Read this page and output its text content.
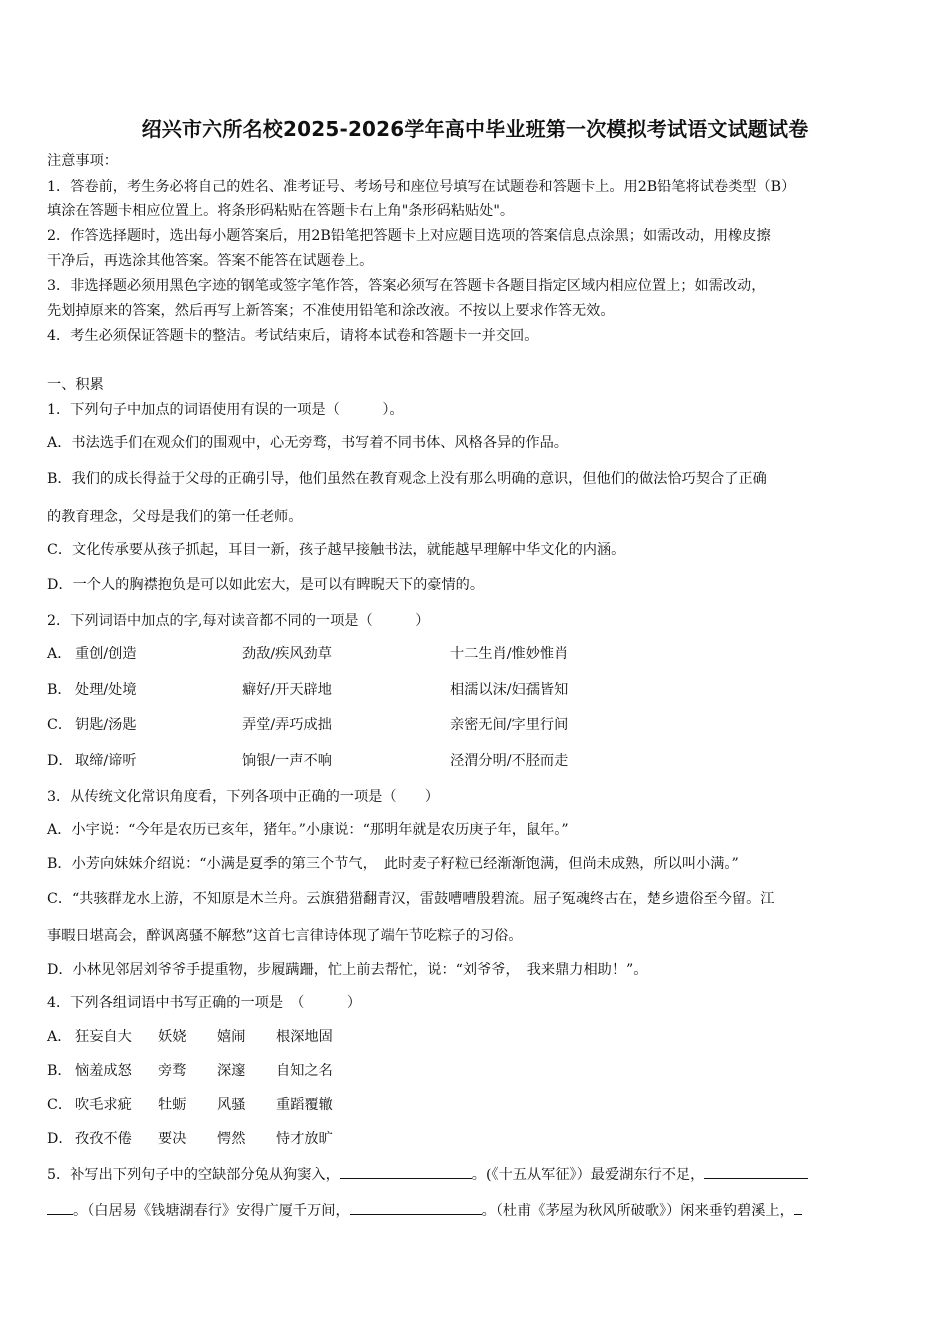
绍兴市六所名校2025-2026学年高中毕业班第一次模拟考试语文试题试卷
注意事项：
1．答卷前，考生务必将自己的姓名、准考证号、考场号和座位号填写在试题卷和答题卡上。用2B铅笔将试卷类型（B）
填涂在答题卡相应位置上。将条形码粘贴在答题卡右上角"条形码粘贴处"。
2．作答选择题时，选出每小题答案后，用2B铅笔把答题卡上对应题目选项的答案信息点涂黑；如需改动，用橡皮擦
干净后，再选涂其他答案。答案不能答在试题卷上。
3．非选择题必须用黑色字迹的钢笔或签字笔作答，答案必须写在答题卡各题目指定区域内相应位置上；如需改动，
先划掉原来的答案，然后再写上新答案；不准使用铅笔和涂改液。不按以上要求作答无效。
4．考生必须保证答题卡的整洁。考试结束后，请将本试卷和答题卡一并交回。
一、积累
1．下列句子中加点的词语使用有误的一项是（　　　）。
A．书法选手们在观众们的围观中，心无旁骛，书写着不同书体、风格各异的作品。
B．我们的成长得益于父母的正确引导，他们虽然在教育观念上没有那么明确的意识，但他们的做法恰巧契合了正确
的教育理念，父母是我们的第一任老师。
C．文化传承要从孩子抓起，耳目一新，孩子越早接触书法，就能越早理解中华文化的内涵。
D．一个人的胸襟抱负是可以如此宏大，是可以有睥睨天下的豪情的。
2．下列词语中加点的字,每对读音都不同的一项是（　　　）
A． 重创/创造	劲敌/疾风劲草	十二生肖/惟妙惟肖
B． 处理/处境	癖好/开天辟地	相濡以沫/妇孺皆知
C． 钥匙/汤匙	弄堂/弄巧成拙	亲密无间/字里行间
D． 取缔/谛听	饷银/一声不响	泾渭分明/不胫而走
3．从传统文化常识角度看，下列各项中正确的一项是（　　）
A．小宇说：“今年是农历已亥年，猪年。”小康说：“那明年就是农历庚子年，鼠年。”
B．小芳向妹妹介绍说：“小满是夏季的第三个节气，　此时麦子籽粒已经渐渐饱满，但尚未成熟，所以叫小满。”
C．“共骇群龙水上游，不知原是木兰舟。云旗猎猎翻青汉，雷鼓嘈嘈殷碧流。屈子冤魂终古在，楚乡遗俗至今留。江
事暇日堪高会，醉讽离骚不解愁”这首七言律诗体现了端午节吃粽子的习俗。
D．小林见邻居刘爷爷手提重物，步履蹒跚，忙上前去帮忙，说：“刘爷爷，　我来鼎力相助！”。
4．下列各组词语中书写正确的一项是　（　　　）
A． 狂妄自大 妖娆 嬉闹 根深地固
B． 恼羞成怒 旁骛 深邃 自知之名
C． 吹毛求疵 牡蛎 风骚 重蹈覆辙
D． 孜孜不倦 要决 愕然 恃才放旷
5．补写出下列句子中的空缺部分兔从狗窦入，	。(《十五从军征》）最爱湖东行不足，
。（白居易《钱塘湖春行》安得广厦千万间，	。（杜甫《茅屋为秋风所破歌》）闲来垂钓碧溪上，
